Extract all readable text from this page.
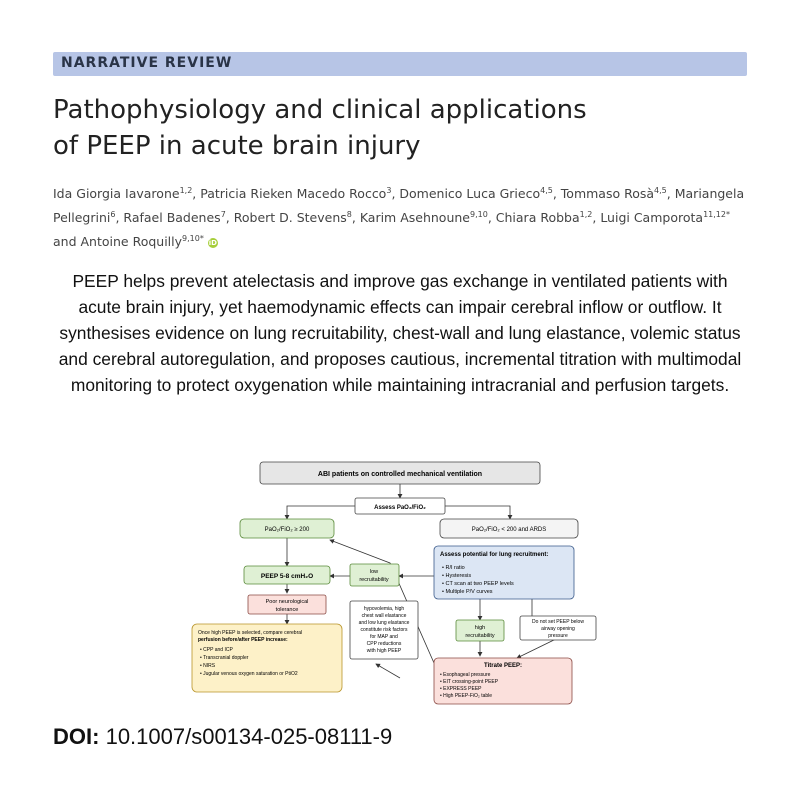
NARRATIVE REVIEW
Pathophysiology and clinical applications
of PEEP in acute brain injury
Ida Giorgia Iavarone$^{1,2}$, Patricia Rieken Macedo Rocco$^3$, Domenico Luca Grieco$^{4,5}$, Tommaso Rosà$^{4,5}$, Mariangela Pellegrini$^6$, Rafael Badenes$^7$, Robert D. Stevens$^8$, Karim Asehnoune$^{9,10}$, Chiara Robba$^{1,2}$, Luigi Camporota$^{11,12*}$ and Antoine Roquilly$^{9,10*}$ iD
PEEP helps prevent atelectasis and improve gas exchange in ventilated patients with acute brain injury, yet haemodynamic effects can impair cerebral inflow or outflow. It synthesises evidence on lung recruitability, chest-wall and lung elastance, volemic status and cerebral autoregulation, and proposes cautious, incremental titration with multimodal monitoring to protect oxygenation while maintaining intracranial and perfusion targets.
ABI patients on controlled mechanical ventilation
Assess PaO₂/FiO₂
PaO₂/FiO₂ ≥ 200	PaO₂/FiO₂ < 200 and ARDS
PEEP 5-8 cmH₂O
low
recruitability
Poor neurological
tolerance
Assess potential for lung recruitment:
• R/I ratio
• Hysteresis
• CT scan at two PEEP levels
• Multiple P/V curves
hypovolemia, high
chest wall elastance
and low lung elastance
constitute risk factors
for MAP and
CPP reductions
with high PEEP
high
recruitability
Do not set PEEP below
airway opening
pressure
Once high PEEP is selected, compare cerebral
perfusion before/after PEEP increase:
• CPP and ICP
• Transcranial doppler
• NIRS
• Jugular venous oxygen saturation or PtiO2
Titrate PEEP:
• Esophageal pressure
• EIT crossing-point PEEP
• EXPRESS PEEP
• High PEEP-FiO₂ table
DOI: 10.1007/s00134-025-08111-9
